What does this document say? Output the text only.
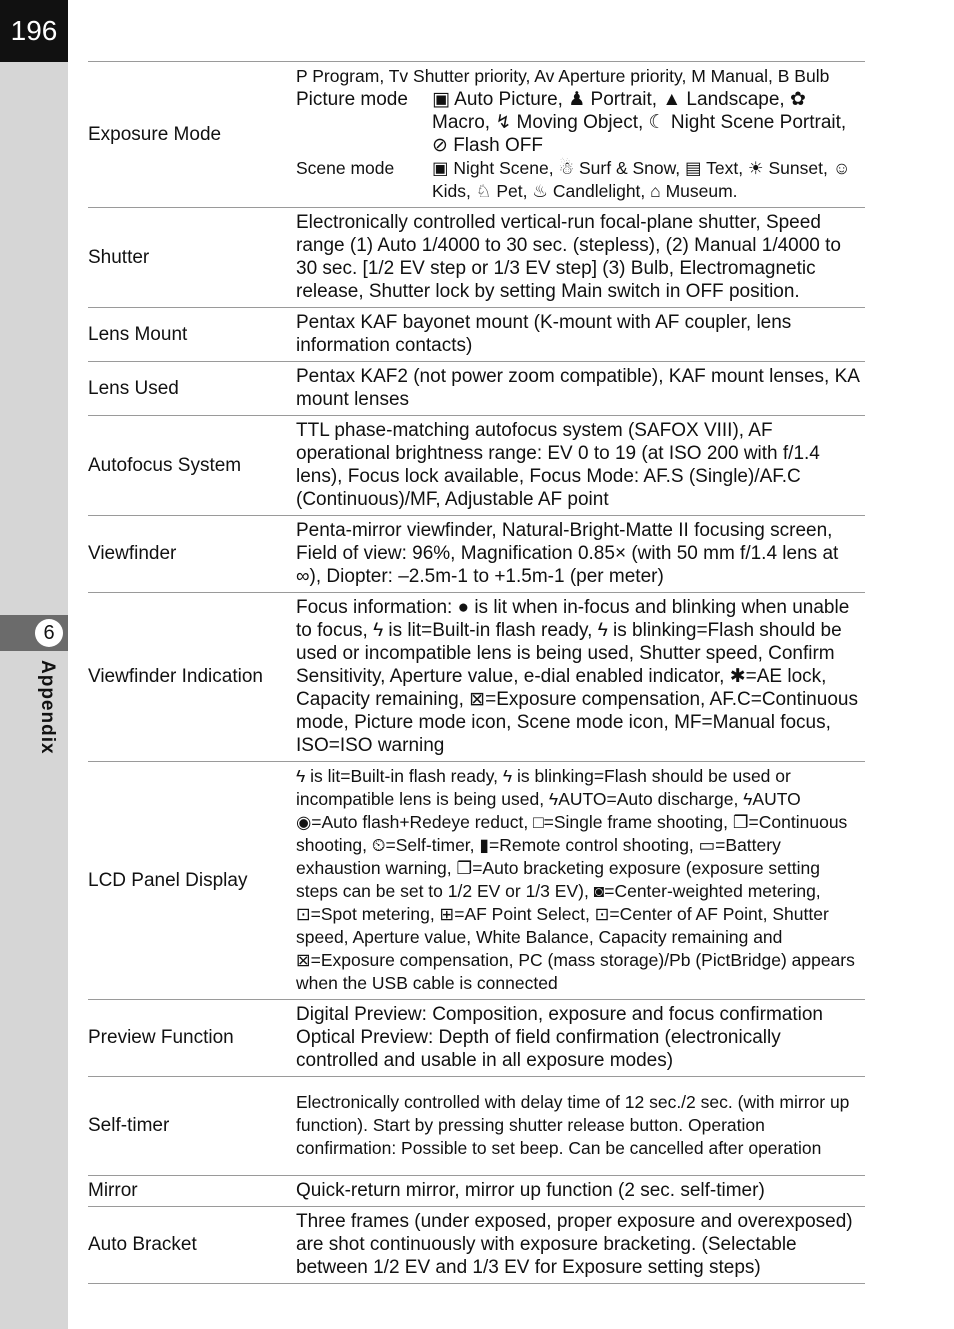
196
6
Appendix
Exposure Mode	P Program, Tv Shutter priority, Av Aperture priority, M Manual, B Bulb
Picture mode ▣ Auto Picture, ♟ Portrait, ▲ Landscape, ✿ Macro, ↯ Moving Object, ☾ Night Scene Portrait, ⊘ Flash OFF
Scene mode ▣ Night Scene, ☃ Surf & Snow, ▤ Text, ☀ Sunset, ☺ Kids, ♘ Pet, ♨ Candlelight, ⌂ Museum.

Shutter	Electronically controlled vertical-run focal-plane shutter, Speed range (1) Auto 1/4000 to 30 sec. (stepless), (2) Manual 1/4000 to 30 sec. [1/2 EV step or 1/3 EV step] (3) Bulb, Electromagnetic release, Shutter lock by setting Main switch in OFF position.
Lens Mount	Pentax KAF bayonet mount (K-mount with AF coupler, lens information contacts)
Lens Used	Pentax KAF2 (not power zoom compatible), KAF mount lenses, KA mount lenses
Autofocus System	TTL phase-matching autofocus system (SAFOX VIII), AF operational brightness range: EV 0 to 19 (at ISO 200 with f/1.4 lens), Focus lock available, Focus Mode: AF.S (Single)/AF.C (Continuous)/MF, Adjustable AF point
Viewfinder	Penta-mirror viewfinder, Natural-Bright-Matte II focusing screen, Field of view: 96%, Magnification 0.85× (with 50 mm f/1.4 lens at ∞), Diopter: –2.5m-1 to +1.5m-1 (per meter)
Viewfinder Indication	Focus information: ● is lit when in-focus and blinking when unable to focus, ϟ is lit=Built-in flash ready, ϟ is blinking=Flash should be used or incompatible lens is being used, Shutter speed, Confirm Sensitivity, Aperture value, e-dial enabled indicator, ✱=AE lock, Capacity remaining, ⊠=Exposure compensation, AF.C=Continuous mode, Picture mode icon, Scene mode icon, MF=Manual focus, ISO=ISO warning
LCD Panel Display	ϟ is lit=Built-in flash ready, ϟ is blinking=Flash should be used or incompatible lens is being used, ϟAUTO=Auto discharge, ϟAUTO ◉=Auto flash+Redeye reduct, □=Single frame shooting, ❐=Continuous shooting, ⏲=Self-timer, ▮=Remote control shooting, ▭=Battery exhaustion warning, ❐=Auto bracketing exposure (exposure setting steps can be set to 1/2 EV or 1/3 EV), ◙=Center-weighted metering, ⊡=Spot metering, ⊞=AF Point Select, ⊡=Center of AF Point, Shutter speed, Aperture value, White Balance, Capacity remaining and ⊠=Exposure compensation, PC (mass storage)/Pb (PictBridge) appears when the USB cable is connected
Preview Function	Digital Preview: Composition, exposure and focus confirmation Optical Preview: Depth of field confirmation (electronically controlled and usable in all exposure modes)
Self-timer	Electronically controlled with delay time of 12 sec./2 sec. (with mirror up function). Start by pressing shutter release button. Operation confirmation: Possible to set beep. Can be cancelled after operation
Mirror	Quick-return mirror, mirror up function (2 sec. self-timer)
Auto Bracket	Three frames (under exposed, proper exposure and overexposed) are shot continuously with exposure bracketing. (Selectable between 1/2 EV and 1/3 EV for Exposure setting steps)
